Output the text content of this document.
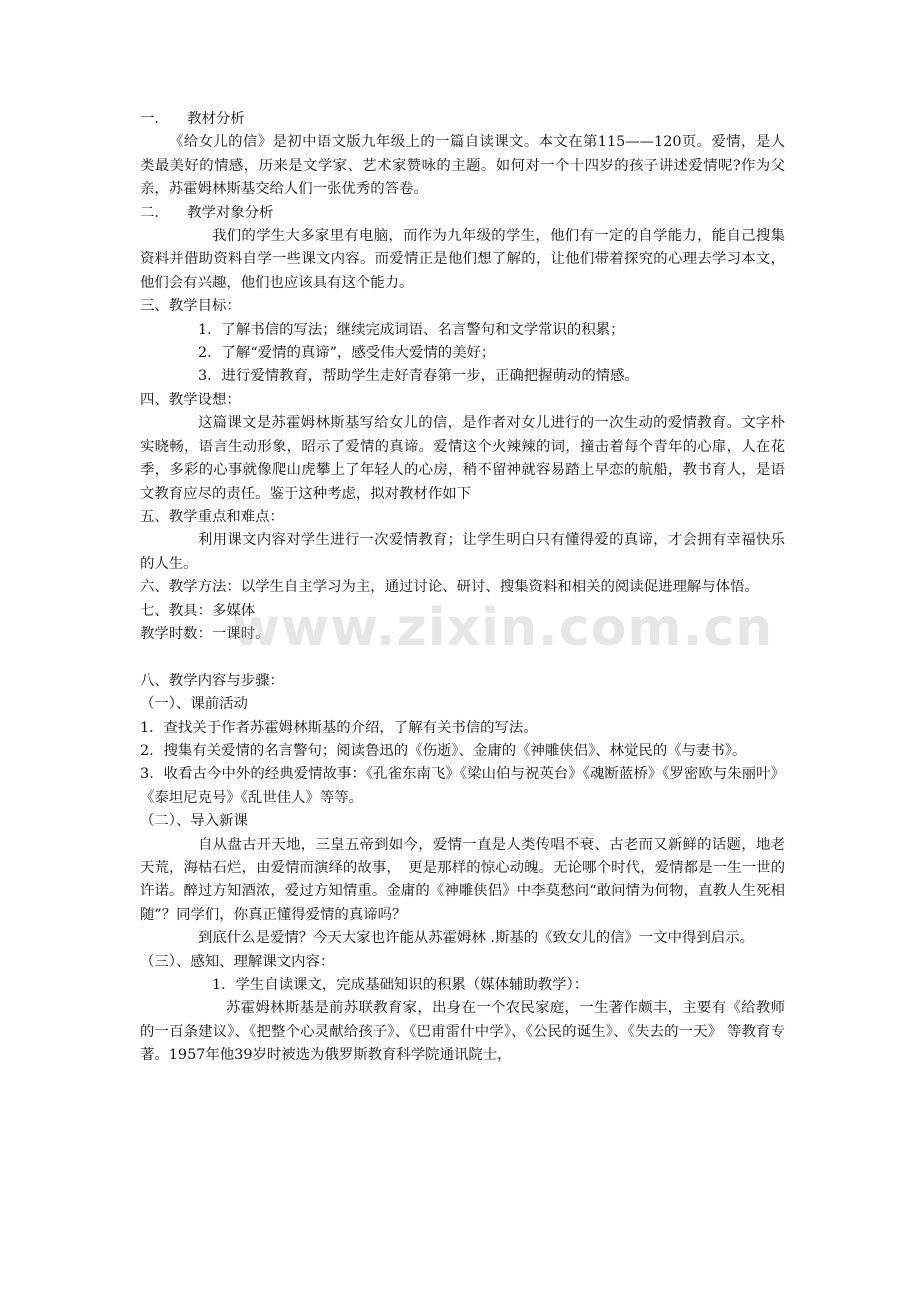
一．    教材分析

《给女儿的信》是初中语文版九年级上的一篇自读课文。本文在第115——120页。爱情，是人类最美好的情感，历来是文学家、艺术家赞咏的主题。如何对一个十四岁的孩子讲述爱情呢?作为父亲，苏霍姆林斯基交给人们一张优秀的答卷。

二．    教学对象分析

我们的学生大多家里有电脑，而作为九年级的学生，他们有一定的自学能力，能自己搜集资料并借助资料自学一些课文内容。而爱情正是他们想了解的，让他们带着探究的心理去学习本文，他们会有兴趣，他们也应该具有这个能力。

三、教学目标：

1．了解书信的写法；继续完成词语、名言警句和文学常识的积累；

2．了解“爱情的真谛”，感受伟大爱情的美好；

3．进行爱情教育，帮助学生走好青春第一步，正确把握萌动的情感。

四、教学设想：

这篇课文是苏霍姆林斯基写给女儿的信，是作者对女儿进行的一次生动的爱情教育。文字朴实晓畅，语言生动形象，昭示了爱情的真谛。爱情这个火辣辣的词，撞击着每个青年的心扉，人在花季，多彩的心事就像爬山虎攀上了年轻人的心房，稍不留神就容易踏上早恋的航船，教书育人，是语文教育应尽的责任。鉴于这种考虑，拟对教材作如下

五、教学重点和难点：

利用课文内容对学生进行一次爱情教育；让学生明白只有懂得爱的真谛，才会拥有幸福快乐的人生。

六、教学方法：以学生自主学习为主，通过讨论、研讨、搜集资料和相关的阅读促进理解与体悟。

七、教具：多媒体

教学时数：一课时。

八、教学内容与步骤：

（一）、课前活动

1．查找关于作者苏霍姆林斯基的介绍，了解有关书信的写法。

2．搜集有关爱情的名言警句；阅读鲁迅的《伤逝》、金庸的《神雕侠侣》、林觉民的《与妻书》。

3．收看古今中外的经典爱情故事：《孔雀东南飞》《梁山伯与祝英台》《魂断蓝桥》《罗密欧与朱丽叶》《泰坦尼克号》《乱世佳人》等等。

（二）、导入新课

自从盘古开天地，三皇五帝到如今，爱情一直是人类传唱不衰、古老而又新鲜的话题，地老天荒，海枯石烂，由爱情而演绎的故事，　更是那样的惊心动魄。无论哪个时代，爱情都是一生一世的许诺。醉过方知酒浓，爱过方知情重。金庸的《神雕侠侣》中李莫愁问“敢问情为何物，直教人生死相随”？同学们，你真正懂得爱情的真谛吗？

到底什么是爱情？今天大家也许能从苏霍姆林 .斯基的《致女儿的信》一文中得到启示。

（三）、感知、理解课文内容：

1．学生自读课文，完成基础知识的积累（媒体辅助教学）：

苏霍姆林斯基是前苏联教育家，出身在一个农民家庭，一生著作颇丰，主要有《给教师的一百条建议》、《把整个心灵献给孩子》、《巴甫雷什中学》、《公民的诞生》、《失去的一天》 等教育专著。1957年他39岁时被选为俄罗斯教育科学院通讯院士，

www.zixin.com.cn
